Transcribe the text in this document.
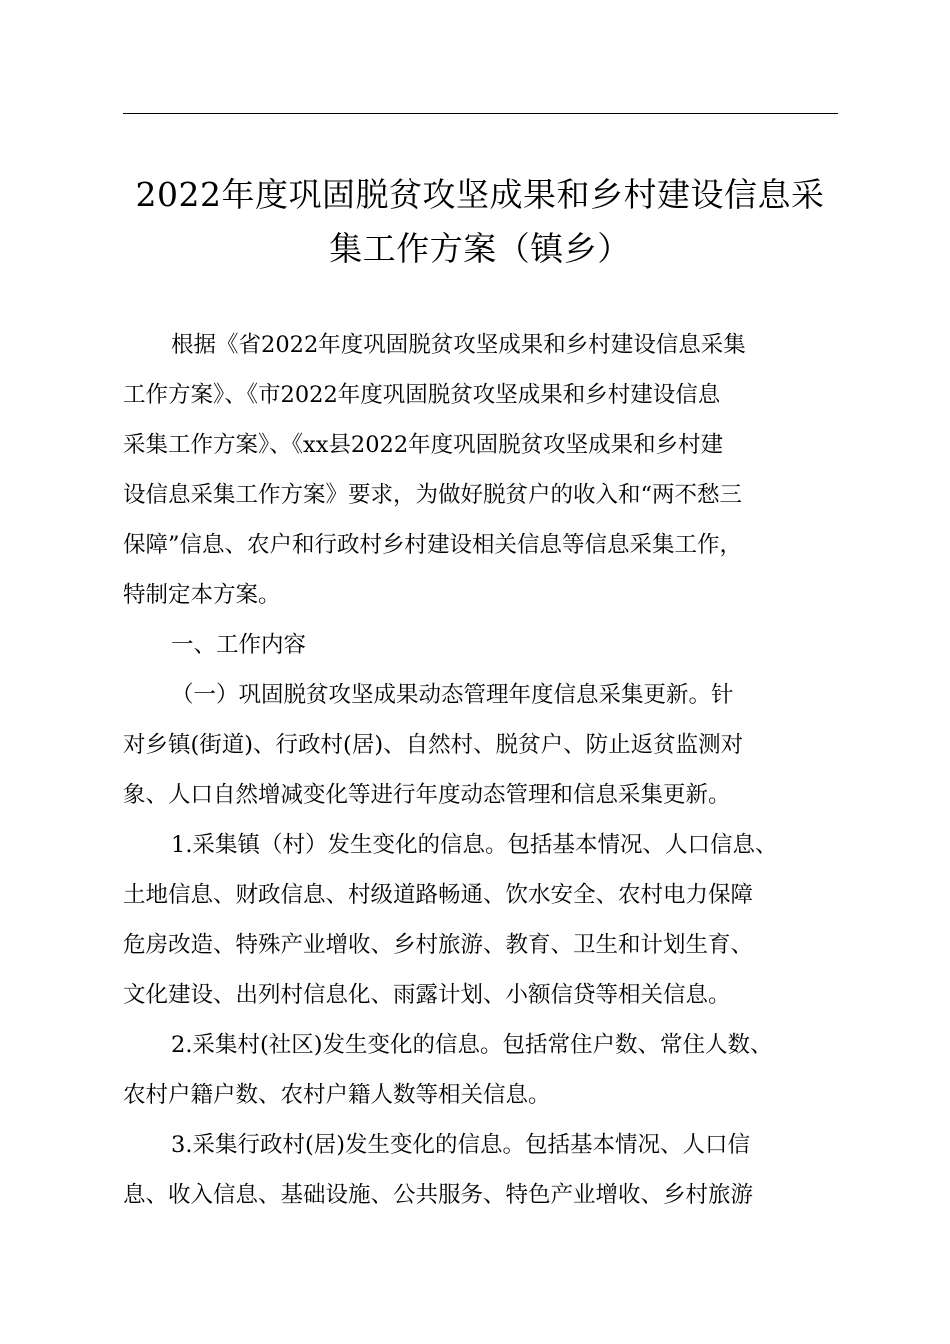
2022年度巩固脱贫攻坚成果和乡村建设信息采
集工作方案（镇乡）
根据《省2022年度巩固脱贫攻坚成果和乡村建设信息采集
工作方案》、《市2022年度巩固脱贫攻坚成果和乡村建设信息
采集工作方案》、《xx县2022年度巩固脱贫攻坚成果和乡村建
设信息采集工作方案》要求，为做好脱贫户的收入和“两不愁三
保障”信息、农户和行政村乡村建设相关信息等信息采集工作，
特制定本方案。
一、工作内容
（一）巩固脱贫攻坚成果动态管理年度信息采集更新。针
对乡镇(街道)、行政村(居)、自然村、脱贫户、防止返贫监测对
象、人口自然增减变化等进行年度动态管理和信息采集更新。
1.采集镇（村）发生变化的信息。包括基本情况、人口信息、
土地信息、财政信息、村级道路畅通、饮水安全、农村电力保障
危房改造、特殊产业增收、乡村旅游、教育、卫生和计划生育、
文化建设、出列村信息化、雨露计划、小额信贷等相关信息。
2.采集村(社区)发生变化的信息。包括常住户数、常住人数、
农村户籍户数、农村户籍人数等相关信息。
3.采集行政村(居)发生变化的信息。包括基本情况、人口信
息、收入信息、基础设施、公共服务、特色产业增收、乡村旅游
